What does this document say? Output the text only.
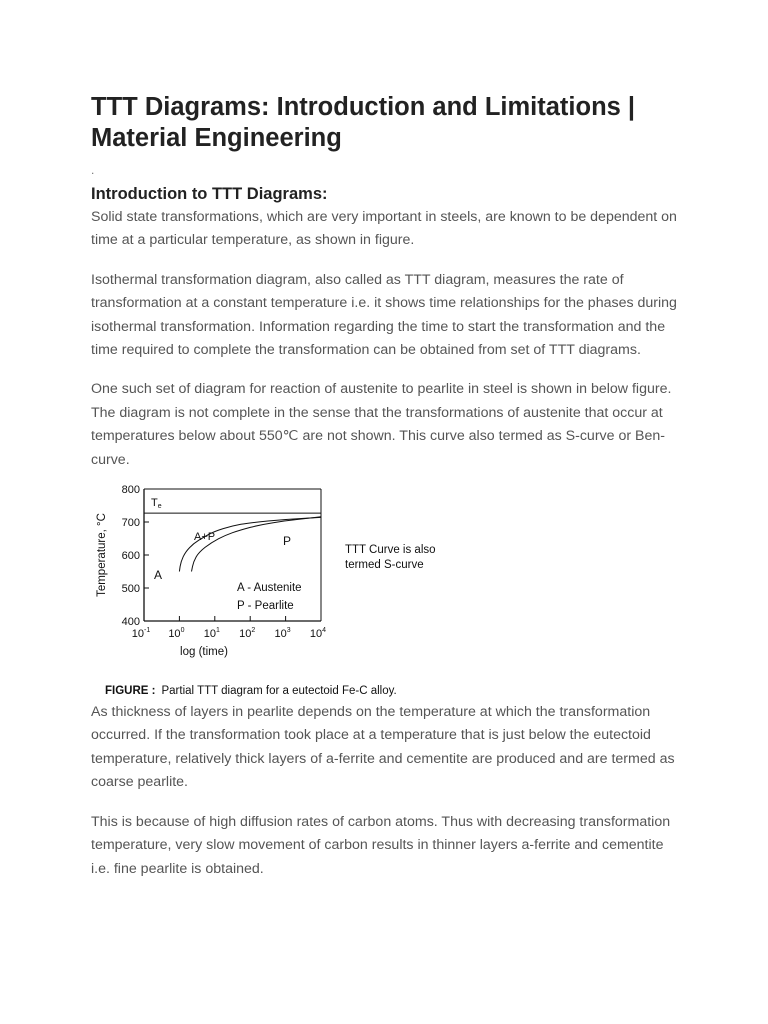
TTT Diagrams: Introduction and Limitations | Material Engineering
.
Introduction to TTT Diagrams:

Solid state transformations, which are very important in steels, are known to be dependent on time at a particular temperature, as shown in figure.

Isothermal transformation diagram, also called as TTT diagram, measures the rate of transformation at a constant temperature i.e. it shows time relationships for the phases during isothermal transformation. Information regarding the time to start the transformation and the time required to complete the transformation can be obtained from set of TTT diagrams.

One such set of diagram for reaction of austenite to pearlite in steel is shown in below figure. The diagram is not complete in the sense that the transformations of austenite that occur at temperatures below about 550℃ are not shown. This curve also termed as S-curve or Ben-curve.

800
700
600
500
400
$10^{-1}$ $10^0$ $10^1$ $10^2$ $10^3$ $10^4$
Te
A+P
A
P
A - Austenite
P - Pearlite
TTT Curve is also
termed S-curve
log (time)
Temperature, °C
FIGURE : Partial TTT diagram for a eutectoid Fe-C alloy.

As thickness of layers in pearlite depends on the temperature at which the transformation occurred. If the transformation took place at a temperature that is just below the eutectoid temperature, relatively thick layers of a-ferrite and cementite are produced and are termed as coarse pearlite.

This is because of high diffusion rates of carbon atoms. Thus with decreasing transformation temperature, very slow movement of carbon results in thinner layers a-ferrite and cementite i.e. fine pearlite is obtained.
